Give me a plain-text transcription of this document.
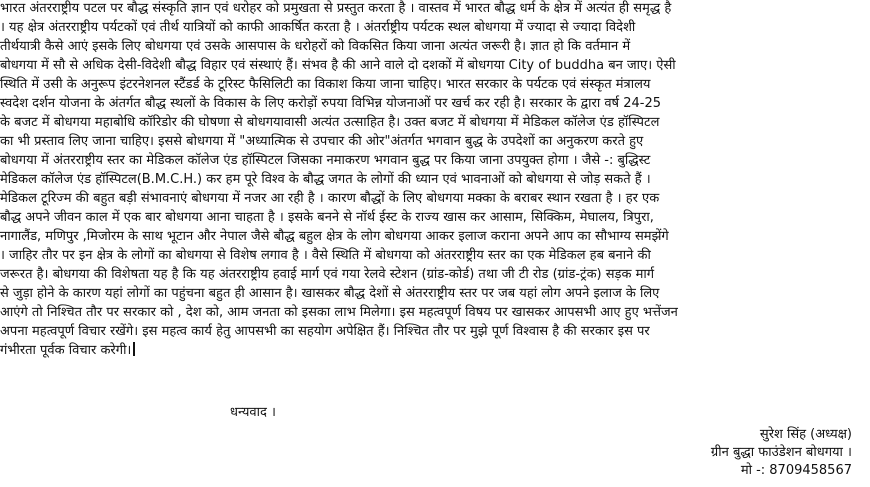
भारत अंतरराष्ट्रीय पटल पर बौद्ध संस्कृति ज्ञान एवं धरोहर को प्रमुखता से प्रस्तुत करता है । वास्तव में भारत बौद्ध धर्म के क्षेत्र में अत्यंत ही समृद्ध है
। यह क्षेत्र अंतरराष्ट्रीय पर्यटकों एवं तीर्थ यात्रियों को काफी आकर्षित करता है । अंतर्राष्ट्रीय पर्यटक स्थल बोधगया में ज्यादा से ज्यादा विदेशी
तीर्थयात्री कैसे आएं इसके लिए बोधगया एवं उसके आसपास के धरोहरों को विकसित किया जाना अत्यंत जरूरी है। ज्ञात हो कि वर्तमान में
बोधगया में सौ से अधिक देसी-विदेशी बौद्ध विहार एवं संस्थाएं हैं। संभव है की आने वाले दो दशकों में बोधगया City of buddha बन जाए। ऐसी
स्थिति में उसी के अनुरूप इंटरनेशनल स्टैंडर्ड के टूरिस्ट फैसिलिटी का विकाश किया जाना चाहिए। भारत सरकार के पर्यटक एवं संस्कृत मंत्रालय
स्वदेश दर्शन योजना के अंतर्गत बौद्ध स्थलों के विकास के लिए करोड़ों रुपया विभिन्न योजनाओं पर खर्च कर रही है। सरकार के द्वारा वर्ष 24-25
के बजट में बोधगया महाबोधि कॉरिडोर की घोषणा से बोधगयावासी अत्यंत उत्साहित है। उक्त बजट में बोधगया में मेडिकल कॉलेज एंड हॉस्पिटल
का भी प्रस्ताव लिए जाना चाहिए। इससे बोधगया में "अध्यात्मिक से उपचार की ओर"अंतर्गत भगवान बुद्ध के उपदेशों का अनुकरण करते हुए
बोधगया में अंतरराष्ट्रीय स्तर का मेडिकल कॉलेज एंड हॉस्पिटल जिसका नमाकरण भगवान बुद्ध पर किया जाना उपयुक्त होगा । जैसे -: बुद्धिस्ट
मेडिकल कॉलेज एंड हॉस्पिटल(B.M.C.H.) कर हम पूरे विश्व के बौद्ध जगत के लोगों की ध्यान एवं भावनाओं को बोधगया से जोड़ सकते हैं ।
मेडिकल टूरिज्म की बहुत बड़ी संभावनाएं बोधगया में नजर आ रही है । कारण बौद्धों के लिए बोधगया मक्का के बराबर स्थान रखता है । हर एक
बौद्ध अपने जीवन काल में एक बार बोधगया आना चाहता है । इसके बनने से नॉर्थ ईस्ट के राज्य खास कर आसाम, सिक्किम, मेघालय, त्रिपुरा,
नागालैंड, मणिपुर ,मिजोरम के साथ भूटान और नेपाल जैसे बौद्ध बहुल क्षेत्र के लोग बोधगया आकर इलाज कराना अपने आप का सौभाग्य समझेंगे
। जाहिर तौर पर इन क्षेत्र के लोगों का बोधगया से विशेष लगाव है । वैसे स्थिति में बोधगया को अंतरराष्ट्रीय स्तर का एक मेडिकल हब बनाने की
जरूरत है। बोधगया की विशेषता यह है कि यह अंतरराष्ट्रीय हवाई मार्ग एवं गया रेलवे स्टेशन (ग्रांड-कोर्ड) तथा जी टी रोड (ग्रांड-ट्रंक) सड़क मार्ग
से जुड़ा होने के कारण यहां लोगों का पहुंचना बहुत ही आसान है। खासकर बौद्ध देशों से अंतरराष्ट्रीय स्तर पर जब यहां लोग अपने इलाज के लिए
आएंगे तो निश्चित तौर पर सरकार को , देश को, आम जनता को इसका लाभ मिलेगा। इस महत्वपूर्ण विषय पर खासकर आपसभी आए हुए भत्तेंजन
अपना महत्वपूर्ण विचार रखेंगे। इस महत्व कार्य हेतु आपसभी का सहयोग अपेक्षित हैं। निश्चित तौर पर मुझे पूर्ण विश्वास है की सरकार इस पर
गंभीरता पूर्वक विचार करेगी।
धन्यवाद ।
सुरेश सिंह (अध्यक्ष)
ग्रीन बुद्धा फाउंडेशन बोधगया ।
मो -: 8709458567
